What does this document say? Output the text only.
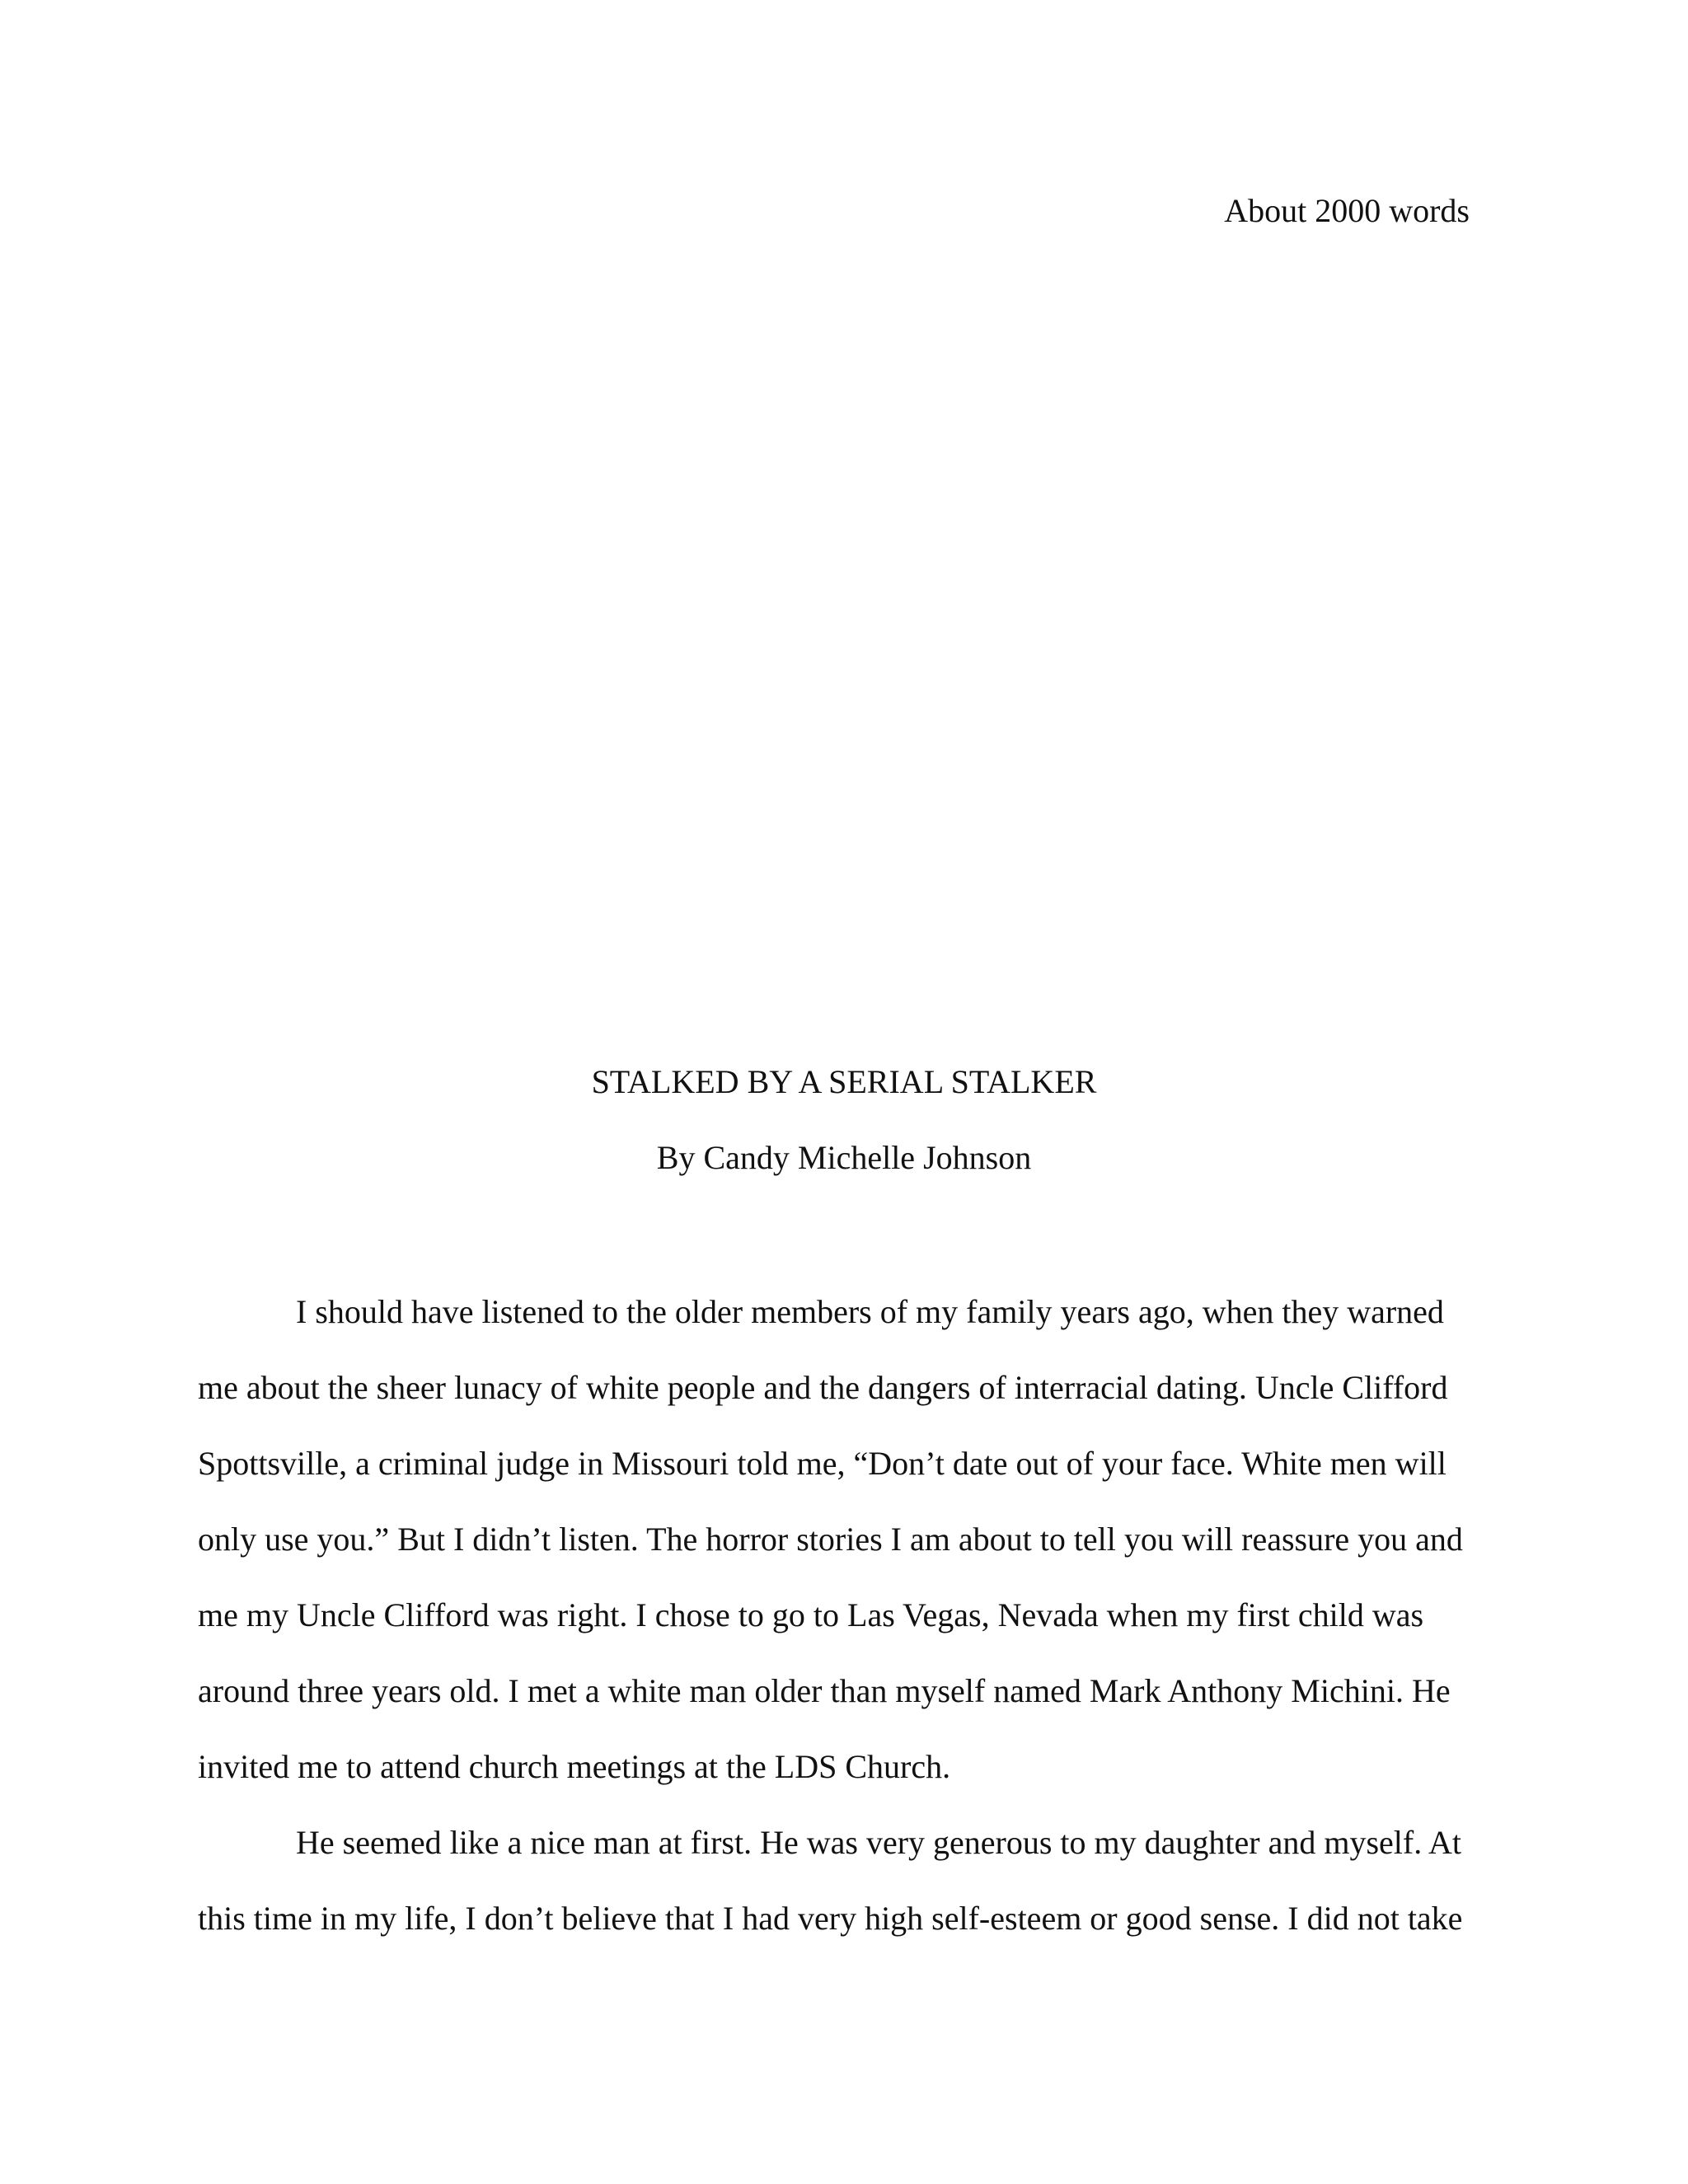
About 2000 words
STALKED BY A SERIAL STALKER
By Candy Michelle Johnson
I should have listened to the older members of my family years ago, when they warned
me about the sheer lunacy of white people and the dangers of interracial dating. Uncle Clifford
Spottsville, a criminal judge in Missouri told me, “Don’t date out of your face. White men will
only use you.” But I didn’t listen. The horror stories I am about to tell you will reassure you and
me my Uncle Clifford was right. I chose to go to Las Vegas, Nevada when my first child was
around three years old. I met a white man older than myself named Mark Anthony Michini. He
invited me to attend church meetings at the LDS Church.
He seemed like a nice man at first. He was very generous to my daughter and myself. At
this time in my life, I don’t believe that I had very high self-esteem or good sense. I did not take
